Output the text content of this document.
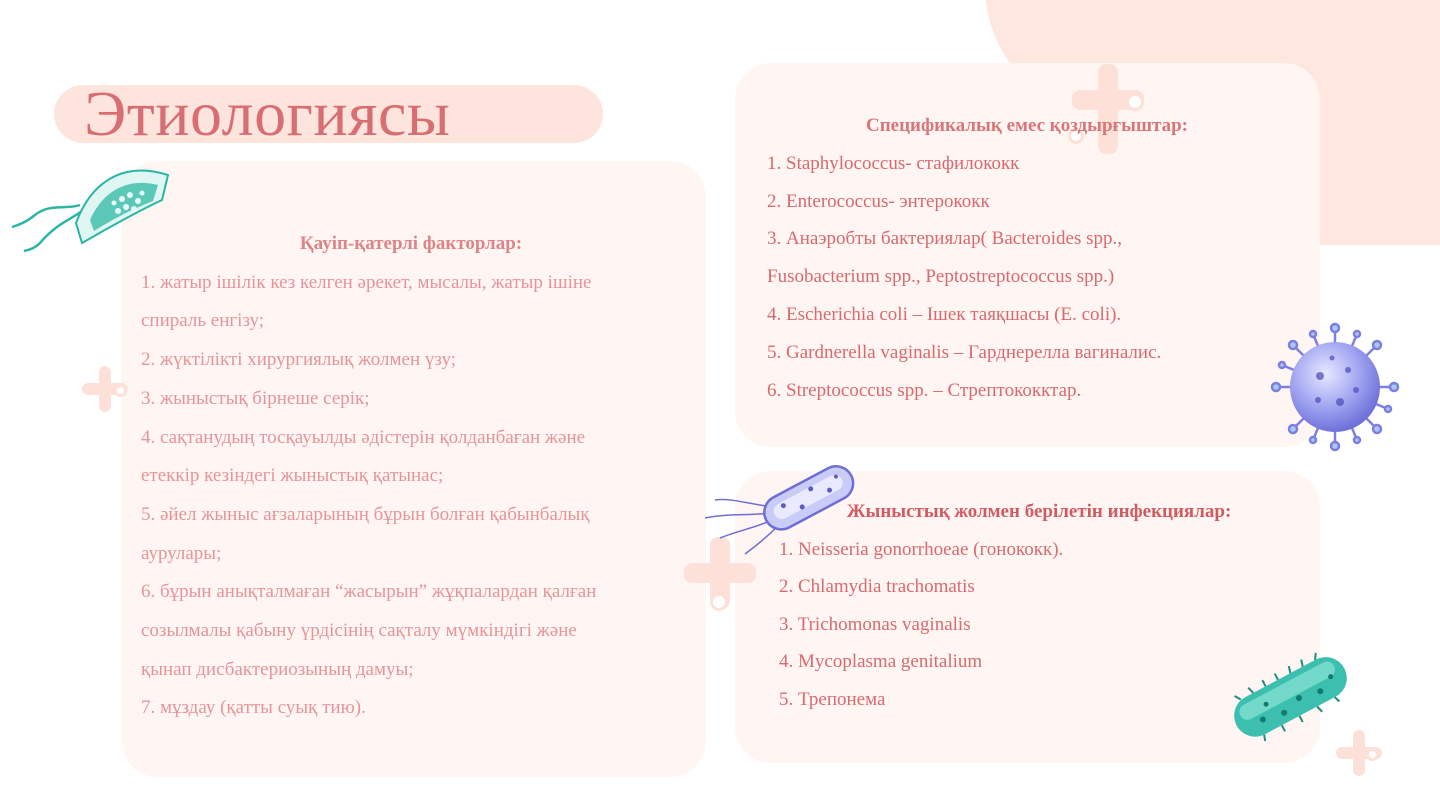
Этиологиясы

Қауіп-қатерлі факторлар:

1. жатыр ішілік кез келген әрекет, мысалы, жатыр ішіне
спираль енгізу;
2. жүктілікті хирургиялық жолмен үзу;
3. жыныстық бірнеше серік;
4. сақтанудың тосқауылды әдістерін қолданбаған және
етеккір кезіндегі жыныстық қатынас;
5. әйел жыныс ағзаларының бұрын болған қабынбалық
аурулары;
6. бұрын анықталмаған “жасырын” жұқпалардан қалған
созылмалы қабыну үрдісінің сақталу мүмкіндігі және
қынап дисбактериозының дамуы;
7. мұздау (қатты суық тию).

Спецификалық емес қоздырғыштар:

1. Staphylococcus- стафилококк
2. Enterococcus- энтерококк
3. Анаэробты бактериялар( Bacteroides spp.,
Fusobacterium spp., Peptostreptococcus spp.)
4. Escherichia coli – Ішек таяқшасы (E. coli).
5. Gardnerella vaginalis – Гарднерелла вагиналис.
6. Streptococcus spp. – Стрептококктар.

Жыныстық жолмен берілетін инфекциялар:

1. Neisseria gonorrhoeae (гонококк).
2. Chlamydia trachomatis
3. Trichomonas vaginalis
4. Mycoplasma genitalium
5. Трепонема
